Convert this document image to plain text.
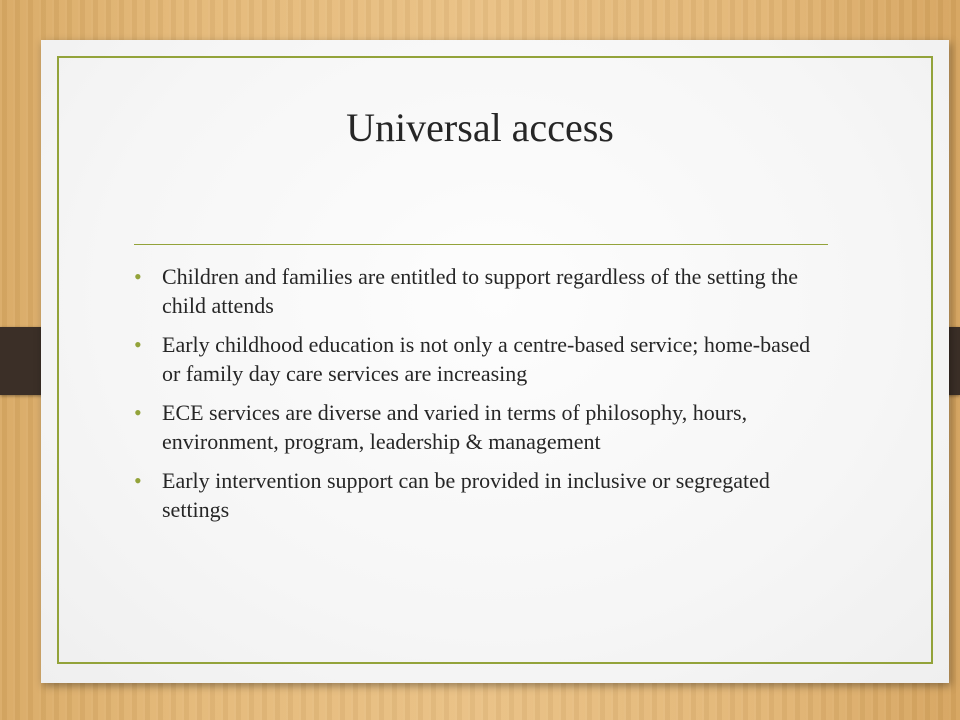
Universal access
• Children and families are entitled to support regardless of the setting the child attends
• Early childhood education is not only a centre-based service; home-based or family day care services are increasing
• ECE services are diverse and varied in terms of philosophy, hours, environment, program, leadership & management
• Early intervention support can be provided in inclusive or segregated settings
